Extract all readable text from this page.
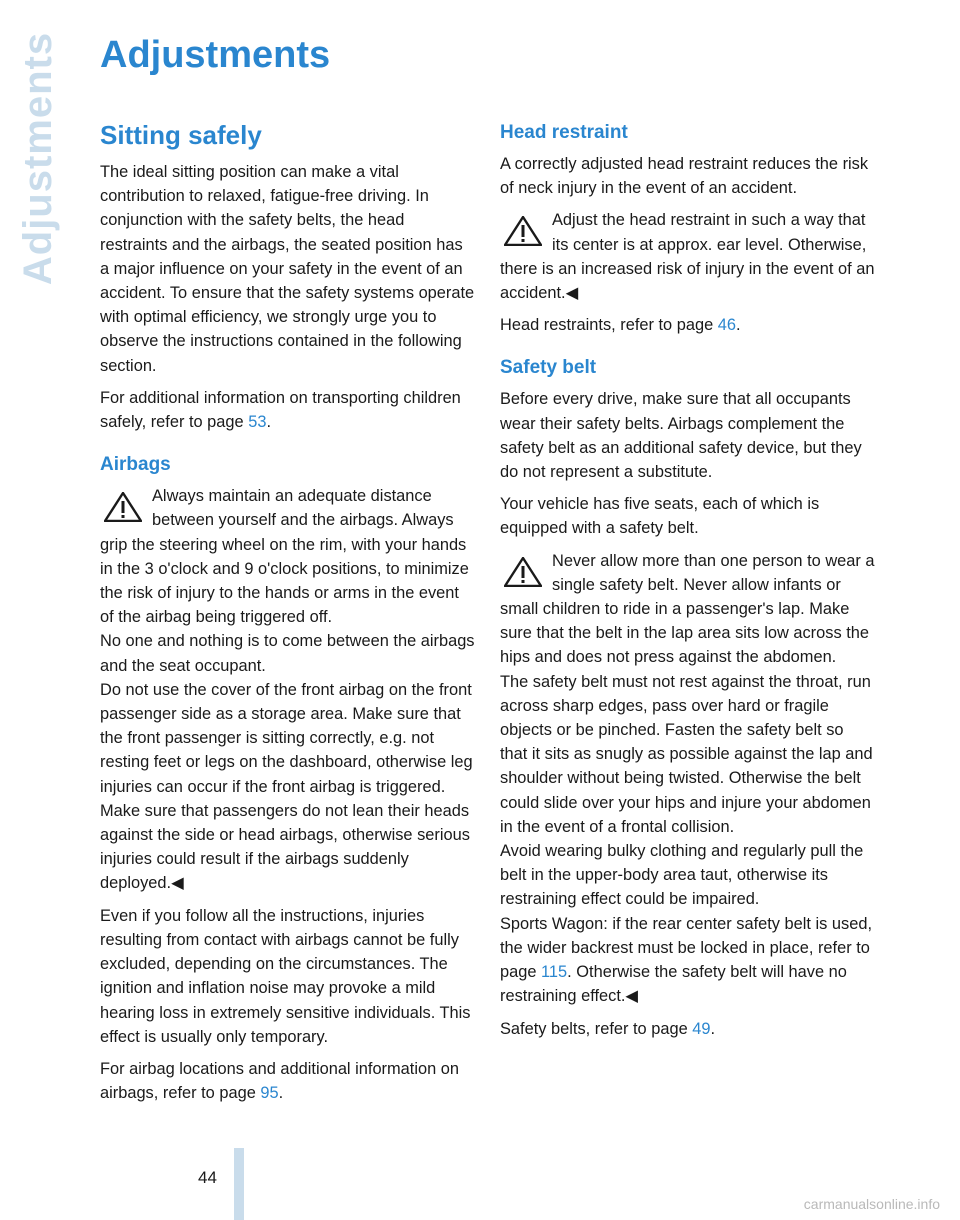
Adjustments Adjustments
Sitting safely

The ideal sitting position can make a vital contribution to relaxed, fatigue-free driving. In conjunction with the safety belts, the head restraints and the airbags, the seated position has a major influence on your safety in the event of an accident. To ensure that the safety systems operate with optimal efficiency, we strongly urge you to observe the instructions contained in the following section.

For additional information on transporting children safely, refer to page 53.

Airbags

Always maintain an adequate distance between yourself and the airbags. Always grip the steering wheel on the rim, with your hands in the 3 o'clock and 9 o'clock positions, to minimize the risk of injury to the hands or arms in the event of the airbag being triggered off.

No one and nothing is to come between the airbags and the seat occupant.

Do not use the cover of the front airbag on the front passenger side as a storage area. Make sure that the front passenger is sitting correctly, e.g. not resting feet or legs on the dashboard, otherwise leg injuries can occur if the front airbag is triggered.

Make sure that passengers do not lean their heads against the side or head airbags, otherwise serious injuries could result if the airbags suddenly deployed.◀

Even if you follow all the instructions, injuries resulting from contact with airbags cannot be fully excluded, depending on the circumstances. The ignition and inflation noise may provoke a mild hearing loss in extremely sensitive individuals. This effect is usually only temporary.

For airbag locations and additional information on airbags, refer to page 95.

Head restraint

A correctly adjusted head restraint reduces the risk of neck injury in the event of an accident.

Adjust the head restraint in such a way that its center is at approx. ear level. Otherwise, there is an increased risk of injury in the event of an accident.◀

Head restraints, refer to page 46.

Safety belt

Before every drive, make sure that all occupants wear their safety belts. Airbags complement the safety belt as an additional safety device, but they do not represent a substitute.

Your vehicle has five seats, each of which is equipped with a safety belt.

Never allow more than one person to wear a single safety belt. Never allow infants or small children to ride in a passenger's lap. Make sure that the belt in the lap area sits low across the hips and does not press against the abdomen.

The safety belt must not rest against the throat, run across sharp edges, pass over hard or fragile objects or be pinched. Fasten the safety belt so that it sits as snugly as possible against the lap and shoulder without being twisted. Otherwise the belt could slide over your hips and injure your abdomen in the event of a frontal collision.

Avoid wearing bulky clothing and regularly pull the belt in the upper-body area taut, otherwise its restraining effect could be impaired.

Sports Wagon: if the rear center safety belt is used, the wider backrest must be locked in place, refer to page 115. Otherwise the safety belt will have no restraining effect.◀

Safety belts, refer to page 49.

44
carmanualsonline.info
